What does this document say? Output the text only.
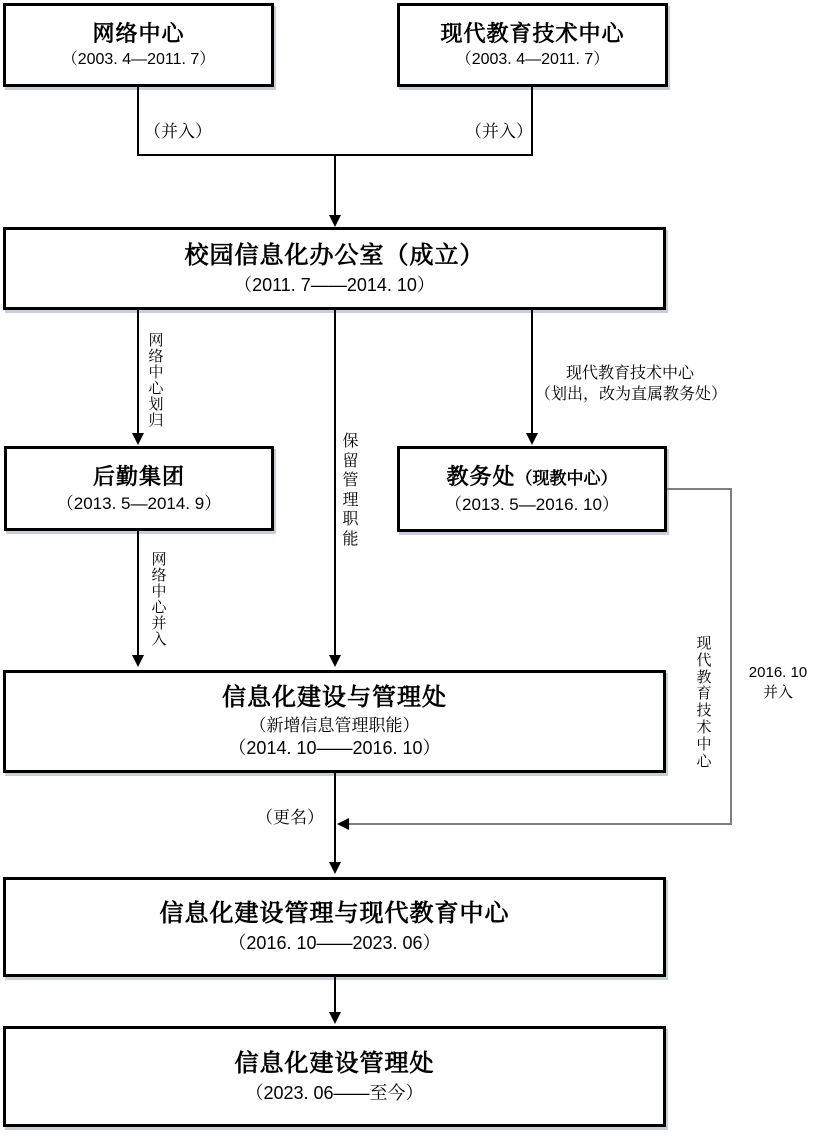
网络中心
（2003. 4—2011. 7）
现代教育技术中心
（2003. 4—2011. 7）
（并入）	（并入）
校园信息化办公室（成立）
（2011. 7——2014. 10）
网络中心划归
保留管理职能
现代教育技术中心
（划出，改为直属教务处）
后勤集团
（2013. 5—2014. 9）
教务处（现教中心）
（2013. 5—2016. 10）
网络中心并入	现代教育技术中心
2016. 10
并入
信息化建设与管理处
（新增信息管理职能）
（2014. 10——2016. 10）
（更名）
信息化建设管理与现代教育中心
（2016. 10——2023. 06）
信息化建设管理处
（2023. 06——至今）
